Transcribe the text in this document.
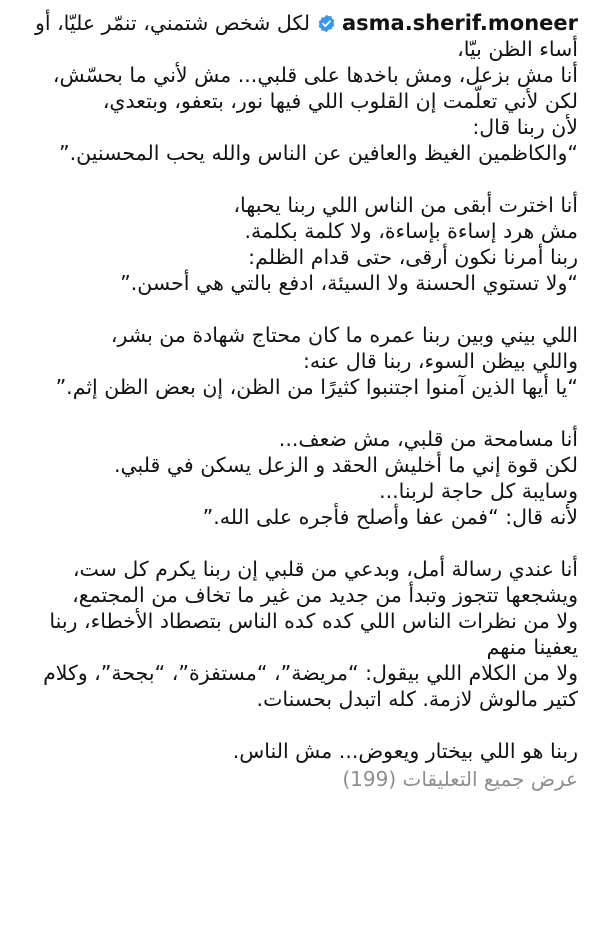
asma.sherif.moneer
لكل شخص شتمني، تنمّر عليّا، أو
أساء الظن بيّا،
أنا مش بزعل، ومش باخدها على قلبي... مش لأني ما بحسّش،
لكن لأني تعلّمت إن القلوب اللي فيها نور، بتعفو، وبتعدي،
لأن ربنا قال:
“والكاظمين الغيظ والعافين عن الناس والله يحب المحسنين.”
أنا اخترت أبقى من الناس اللي ربنا يحبها،
مش هرد إساءة بإساءة، ولا كلمة بكلمة.
ربنا أمرنا نكون أرقى، حتى قدام الظلم:
“ولا تستوي الحسنة ولا السيئة، ادفع بالتي هي أحسن.”
اللي بيني وبين ربنا عمره ما كان محتاج شهادة من بشر،
واللي بيظن السوء، ربنا قال عنه:
“يا أيها الذين آمنوا اجتنبوا كثيرًا من الظن، إن بعض الظن إثم.”
أنا مسامحة من قلبي، مش ضعف...
لكن قوة إني ما أخليش الحقد و الزعل يسكن في قلبي.
وسايبة كل حاجة لربنا...
لأنه قال: “فمن عفا وأصلح فأجره على الله.”
أنا عندي رسالة أمل، وبدعي من قلبي إن ربنا يكرم كل ست،
ويشجعها تتجوز وتبدأ من جديد من غير ما تخاف من المجتمع،
ولا من نظرات الناس اللي كده كده الناس بتصطاد الأخطاء، ربنا
يعفينا منهم
ولا من الكلام اللي بيقول: “مريضة”، “مستفزة”، “بجحة”، وكلام
كتير مالوش لازمة. كله اتبدل بحسنات.
ربنا هو اللي بيختار ويعوض... مش الناس.
عرض جميع التعليقات (199)
